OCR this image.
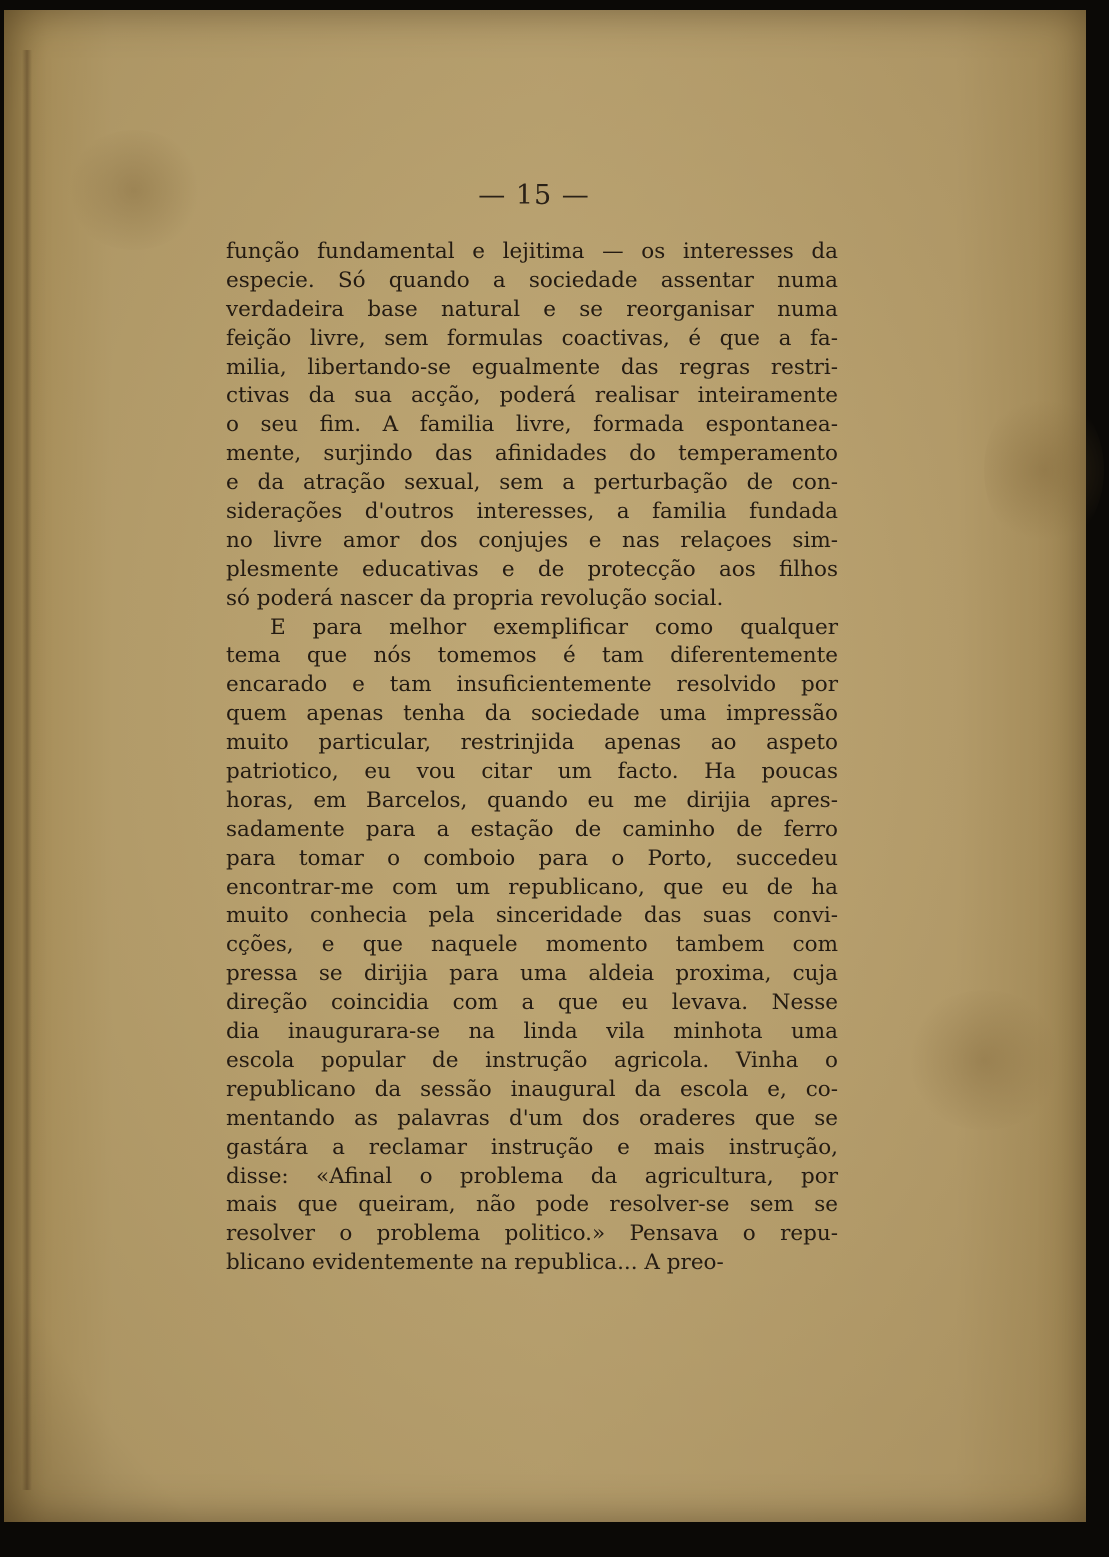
— 15 —
função fundamental e lejitima — os interesses da
especie. Só quando a sociedade assentar numa
verdadeira base natural e se reorganisar numa
feição livre, sem formulas coactivas, é que a fa-
milia, libertando-se egualmente das regras restri-
ctivas da sua acção, poderá realisar inteiramente
o seu fim. A familia livre, formada espontanea-
mente, surjindo das afinidades do temperamento
e da atração sexual, sem a perturbação de con-
siderações d'outros interesses, a familia fundada
no livre amor dos conjujes e nas relaçoes sim-
plesmente educativas e de protecção aos filhos
só poderá nascer da propria revolução social.
E para melhor exemplificar como qualquer
tema que nós tomemos é tam diferentemente
encarado e tam insuficientemente resolvido por
quem apenas tenha da sociedade uma impressão
muito particular, restrinjida apenas ao aspeto
patriotico, eu vou citar um facto. Ha poucas
horas, em Barcelos, quando eu me dirijia apres-
sadamente para a estação de caminho de ferro
para tomar o comboio para o Porto, succedeu
encontrar-me com um republicano, que eu de ha
muito conhecia pela sinceridade das suas convi-
cções, e que naquele momento tambem com
pressa se dirijia para uma aldeia proxima, cuja
direção coincidia com a que eu levava. Nesse
dia inaugurara-se na linda vila minhota uma
escola popular de instrução agricola. Vinha o
republicano da sessão inaugural da escola e, co-
mentando as palavras d'um dos oraderes que se
gastára a reclamar instrução e mais instrução,
disse: «Afinal o problema da agricultura, por
mais que queiram, não pode resolver-se sem se
resolver o problema politico.» Pensava o repu-
blicano evidentemente na republica... A preo-
